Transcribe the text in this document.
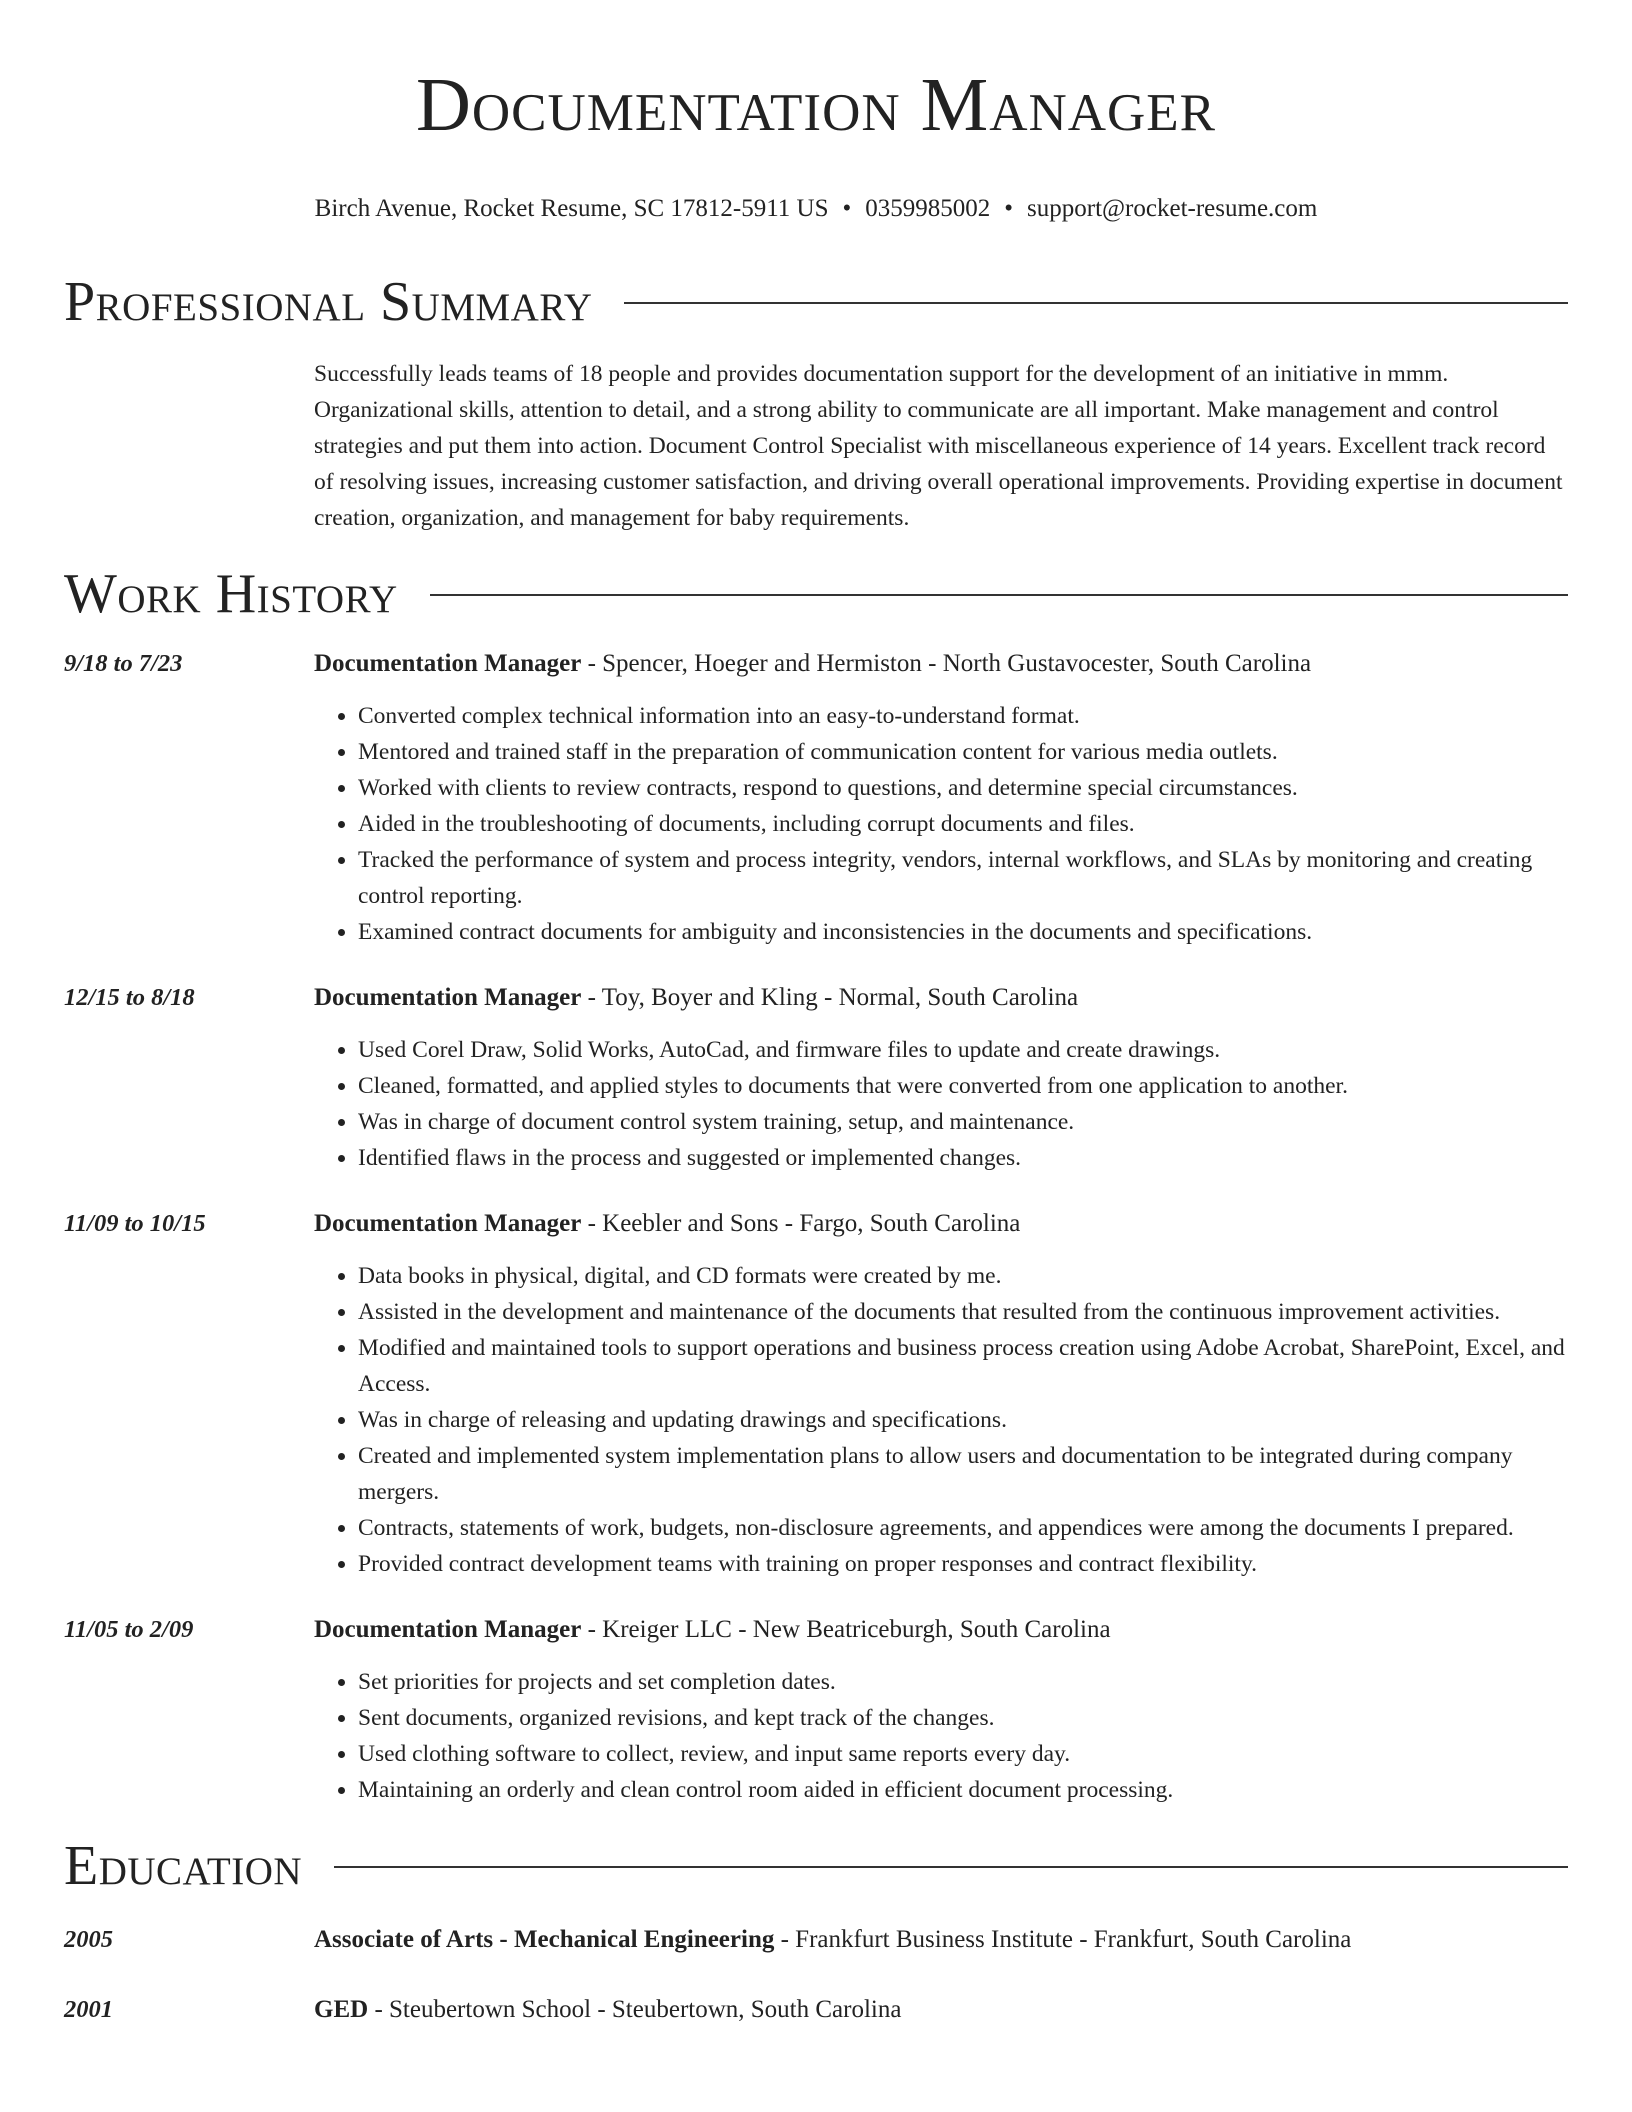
Documentation Manager
Birch Avenue, Rocket Resume, SC 17812-5911 US • 0359985002 • support@rocket-resume.com
Professional Summary
Successfully leads teams of 18 people and provides documentation support for the development of an initiative in mmm. Organizational skills, attention to detail, and a strong ability to communicate are all important. Make management and control strategies and put them into action. Document Control Specialist with miscellaneous experience of 14 years. Excellent track record of resolving issues, increasing customer satisfaction, and driving overall operational improvements. Providing expertise in document creation, organization, and management for baby requirements.
Work History
9/18 to 7/23	Documentation Manager - Spencer, Hoeger and Hermiston - North Gustavocester, South Carolina
• Converted complex technical information into an easy-to-understand format.
• Mentored and trained staff in the preparation of communication content for various media outlets.
• Worked with clients to review contracts, respond to questions, and determine special circumstances.
• Aided in the troubleshooting of documents, including corrupt documents and files.
• Tracked the performance of system and process integrity, vendors, internal workflows, and SLAs by monitoring and creating control reporting.
• Examined contract documents for ambiguity and inconsistencies in the documents and specifications.
12/15 to 8/18	Documentation Manager - Toy, Boyer and Kling - Normal, South Carolina
• Used Corel Draw, Solid Works, AutoCad, and firmware files to update and create drawings.
• Cleaned, formatted, and applied styles to documents that were converted from one application to another.
• Was in charge of document control system training, setup, and maintenance.
• Identified flaws in the process and suggested or implemented changes.
11/09 to 10/15	Documentation Manager - Keebler and Sons - Fargo, South Carolina
• Data books in physical, digital, and CD formats were created by me.
• Assisted in the development and maintenance of the documents that resulted from the continuous improvement activities.
• Modified and maintained tools to support operations and business process creation using Adobe Acrobat, SharePoint, Excel, and Access.
• Was in charge of releasing and updating drawings and specifications.
• Created and implemented system implementation plans to allow users and documentation to be integrated during company mergers.
• Contracts, statements of work, budgets, non-disclosure agreements, and appendices were among the documents I prepared.
• Provided contract development teams with training on proper responses and contract flexibility.
11/05 to 2/09	Documentation Manager - Kreiger LLC - New Beatriceburgh, South Carolina
• Set priorities for projects and set completion dates.
• Sent documents, organized revisions, and kept track of the changes.
• Used clothing software to collect, review, and input same reports every day.
• Maintaining an orderly and clean control room aided in efficient document processing.
Education
2005	Associate of Arts - Mechanical Engineering - Frankfurt Business Institute - Frankfurt, South Carolina
2001	GED - Steubertown School - Steubertown, South Carolina
